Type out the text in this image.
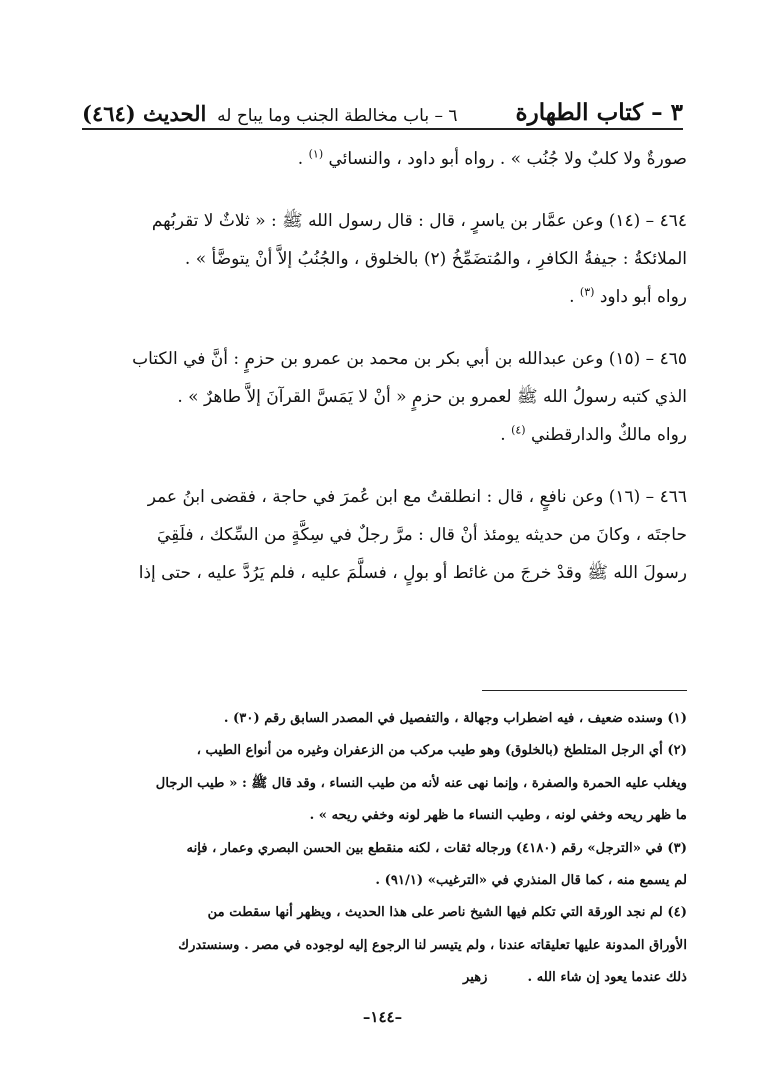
٣ – كتاب الطهارة
٦ – باب مخالطة الجنب وما يباح له
الحديث (٤٦٤)
صورةٌ ولا كلبٌ ولا جُنُب » . رواه أبو داود ، والنسائي $^{(١)}$ .
٤٦٤ – (١٤) وعن عمَّار بن ياسرٍ ، قال : قال رسول الله ﷺ : « ثلاثٌ لا تقربُهم
الملائكةُ : جيفةُ الكافرِ ، والمُتضَمِّخُ (٢) بالخلوق ، والجُنُبُ إلاَّ أنْ يتوضَّأ » .
رواه أبو داود $^{(٣)}$ .
٤٦٥ – (١٥) وعن عبدالله بن أبي بكر بن محمد بن عمرو بن حزمٍ : أنَّ في الكتاب
الذي كتبه رسولُ الله ﷺ لعمرو بن حزمٍ « أنْ لا يَمَسَّ القرآنَ إلاَّ طاهرٌ » .
رواه مالكٌ والدارقطني $^{(٤)}$ .
٤٦٦ – (١٦) وعن نافعٍ ، قال : انطلقتُ مع ابن عُمرَ في حاجة ، فقضى ابنُ عمر
حاجتَه ، وكانَ من حديثه يومئذ أنْ قال : مرَّ رجلٌ في سِكَّةٍ من السِّكك ، فلَقِيَ
رسولَ الله ﷺ وقدْ خرجَ من غائط أو بولٍ ، فسلَّمَ عليه ، فلم يَرُدَّ عليه ، حتى إذا
(١) وسنده ضعيف ، فيه اضطراب وجهالة ، والتفصيل في المصدر السابق رقم (٣٠) .
(٢) أي الرجل المتلطخ (بالخلوق) وهو طيب مركب من الزعفران وغيره من أنواع الطيب ،
ويغلب عليه الحمرة والصفرة ، وإنما نهى عنه لأنه من طيب النساء ، وقد قال ﷺ : « طيب الرجال
ما ظهر ريحه وخفي لونه ، وطيب النساء ما ظهر لونه وخفي ريحه » .
(٣) في «الترجل» رقم (٤١٨٠) ورجاله ثقات ، لكنه منقطع بين الحسن البصري وعمار ، فإنه
لم يسمع منه ، كما قال المنذري في «الترغيب» (٩١/١) .
(٤) لم نجد الورقة التي تكلم فيها الشيخ ناصر على هذا الحديث ، ويظهر أنها سقطت من
الأوراق المدونة عليها تعليقاته عندنا ، ولم يتيسر لنا الرجوع إليه لوجوده في مصر . وسنستدرك
ذلك عندما يعود إن شاء الله .زهير
–١٤٤–
